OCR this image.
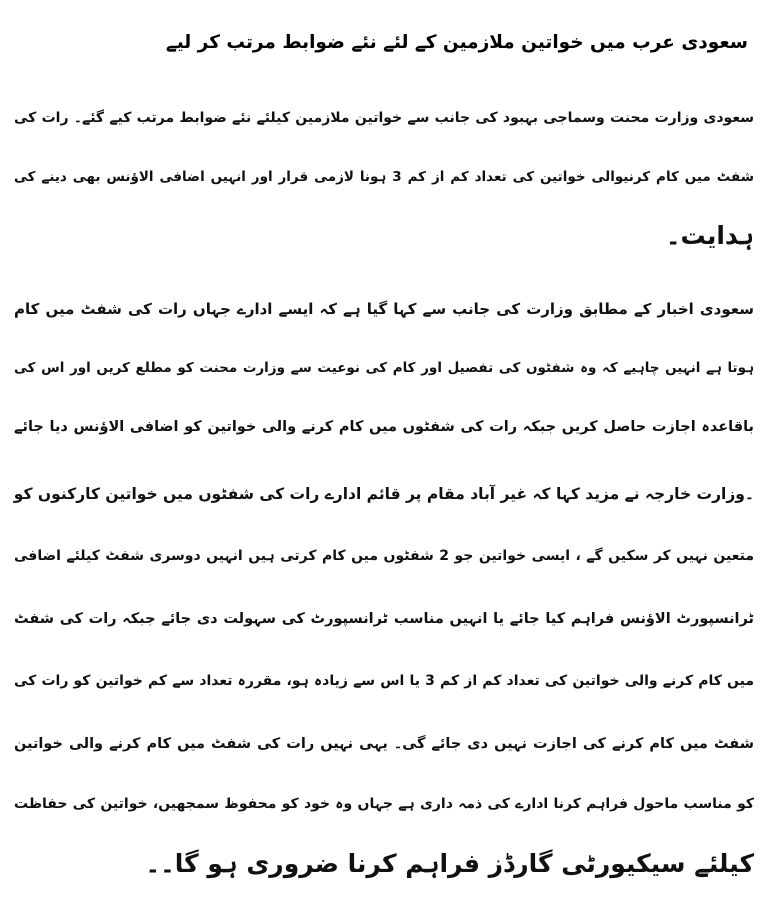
سعودی عرب میں خواتین ملازمین کے لئے نئے ضوابط مرتب کر لیے

سعودی وزارت محنت وسماجی بہبود کی جانب سے خواتین ملازمین کیلئے نئے ضوابط مرتب کیے گئے۔ رات کی

شفٹ میں کام کرنیوالی خواتین کی تعداد کم از کم 3 ہونا لازمی قرار اور انہیں اضافی الاؤنس بھی دینے کی

ہدایت۔

سعودی اخبار کے مطابق وزارت کی جانب سے کہا گیا ہے کہ ایسے ادارے جہاں رات کی شفٹ میں کام

ہوتا ہے انہیں چاہیے کہ وہ شفٹوں کی تفصیل اور کام کی نوعیت سے وزارت محنت کو مطلع کریں اور اس کی

باقاعدہ اجازت حاصل کریں جبکہ رات کی شفٹوں میں کام کرنے والی خواتین کو اضافی الاؤنس دیا جائے

۔وزارت خارجہ نے مزید کہا کہ غیر آباد مقام پر قائم ادارے رات کی شفٹوں میں خواتین کارکنوں کو

متعین نہیں کر سکیں گے ، ایسی خواتین جو 2 شفٹوں میں کام کرتی ہیں انہیں دوسری شفٹ کیلئے اضافی

ٹرانسپورٹ الاؤنس فراہم کیا جائے یا انہیں مناسب ٹرانسپورٹ کی سہولت دی جائے جبکہ رات کی شفٹ

میں کام کرنے والی خواتین کی تعداد کم از کم 3 یا اس سے زیادہ ہو، مقررہ تعداد سے کم خواتین کو رات کی

شفٹ میں کام کرنے کی اجازت نہیں دی جائے گی۔ یہی نہیں رات کی شفٹ میں کام کرنے والی خواتین

کو مناسب ماحول فراہم کرنا ادارے کی ذمہ داری ہے جہاں وہ خود کو محفوظ سمجھیں، خواتین کی حفاظت

کیلئے سیکیورٹی گارڈز فراہم کرنا ضروری ہو گا۔۔
